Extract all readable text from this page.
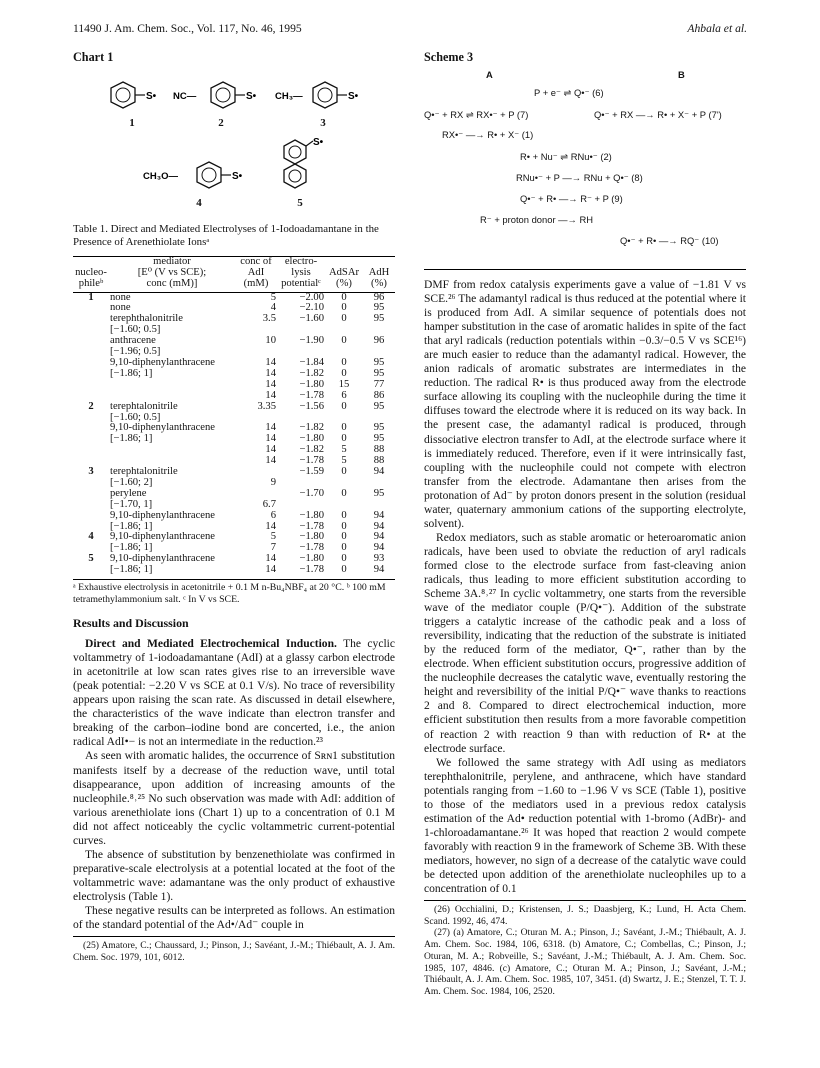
11490 J. Am. Chem. Soc., Vol. 117, No. 46, 1995	Ahbala et al.
Chart 1
S•
1
NC—	S•
2
CH₃—	S•
3
CH₃O—	S•
4
S•
5
Table 1. Direct and Mediated Electrolyses of 1-Iodoadamantane in the Presence of Arenethiolate Ionsᵃ
	mediator	conc of	electro-		
nucleo-	[E⁰ (V vs SCE);	AdI	lysis	AdSAr	AdH
phileᵇ	conc (mM)]	(mM)	potentialᶜ	(%)	(%)
1	none	5	−2.00	0	96
	none	4	−2.10	0	95
	terephthalonitrile	3.5	−1.60	0	95
	[−1.60; 0.5]				
	anthracene	10	−1.90	0	96
	[−1.96; 0.5]				
	9,10-diphenylanthracene	14	−1.84	0	95
	[−1.86; 1]	14	−1.82	0	95
		14	−1.80	15	77
		14	−1.78	6	86
2	terephtalonitrile	3.35	−1.56	0	95
	[−1.60; 0.5]				
	9,10-diphenylanthracene	14	−1.82	0	95
	[−1.86; 1]	14	−1.80	0	95
		14	−1.82	5	88
		14	−1.78	5	88
3	terephtalonitrile		−1.59	0	94
	[−1.60; 2]	9			
	perylene		−1.70	0	95
	[−1.70, 1]	6.7			
	9,10-diphenylanthracene	6	−1.80	0	94
	[−1.86; 1]	14	−1.78	0	94
4	9,10-diphenylanthracene	5	−1.80	0	94
	[−1.86; 1]	7	−1.78	0	94
5	9,10-diphenylanthracene	14	−1.80	0	93
	[−1.86; 1]	14	−1.78	0	94
ᵃ Exhaustive electrolysis in acetonitrile + 0.1 M n-Bu₄NBF₄ at 20 °C. ᵇ 100 mM tetramethylammonium salt. ᶜ In V vs SCE.
Results and Discussion

Direct and Mediated Electrochemical Induction. The cyclic voltammetry of 1-iodoadamantane (AdI) at a glassy carbon electrode in acetonitrile at low scan rates gives rise to an irreversible wave (peak potential: −2.20 V vs SCE at 0.1 V/s). No trace of reversibility appears upon raising the scan rate. As discussed in detail elsewhere, the characteristics of the wave indicate than electron transfer and breaking of the carbon–iodine bond are concerted, i.e., the anion radical AdI•− is not an intermediate in the reduction.²³

As seen with aromatic halides, the occurrence of Sʀɴ1 substitution manifests itself by a decrease of the reduction wave, until total disappearance, upon addition of increasing amounts of the nucleophile.⁸˒²⁵ No such observation was made with AdI: addition of various arenethiolate ions (Chart 1) up to a concentration of 0.1 M did not affect noticeably the cyclic voltammetric current-potential curves.

The absence of substitution by benzenethiolate was confirmed in preparative-scale electrolysis at a potential located at the foot of the voltammetric wave: adamantane was the only product of exhaustive electrolysis (Table 1).

These negative results can be interpreted as follows. An estimation of the standard potential of the Ad•/Ad⁻ couple in

(25) Amatore, C.; Chaussard, J.; Pinson, J.; Savéant, J.-M.; Thiébault, A. J. Am. Chem. Soc. 1979, 101, 6012.

Scheme 3
A	B
P + e⁻ ⇌ Q•⁻ (6)
Q•⁻ + RX ⇌ RX•⁻ + P (7)	Q•⁻ + RX —→ R• + X⁻ + P (7')
RX•⁻ —→ R• + X⁻ (1)
R• + Nu⁻ ⇌ RNu•⁻ (2)
RNu•⁻ + P —→ RNu + Q•⁻ (8)
Q•⁻ + R• —→ R⁻ + P (9)
R⁻ + proton donor —→ RH
Q•⁻ + R• —→ RQ⁻ (10)

DMF from redox catalysis experiments gave a value of −1.81 V vs SCE.²⁶ The adamantyl radical is thus reduced at the potential where it is produced from AdI. A similar sequence of potentials does not hamper substitution in the case of aromatic halides in spite of the fact that aryl radicals (reduction potentials within −0.3/−0.5 V vs SCE¹⁶) are much easier to reduce than the adamantyl radical. However, the anion radicals of aromatic substrates are intermediates in the reduction. The radical R• is thus produced away from the electrode surface allowing its coupling with the nucleophile during the time it diffuses toward the electrode where it is reduced on its way back. In the present case, the adamantyl radical is produced, through dissociative electron transfer to AdI, at the electrode surface where it is immediately reduced. Therefore, even if it were intrinsically fast, coupling with the nucleophile could not compete with electron transfer from the electrode. Adamantane then arises from the protonation of Ad⁻ by proton donors present in the solution (residual water, quaternary ammonium cations of the supporting electrolyte, solvent).

Redox mediators, such as stable aromatic or heteroaromatic anion radicals, have been used to obviate the reduction of aryl radicals formed close to the electrode surface from fast-cleaving anion radicals, thus leading to more efficient substitution according to Scheme 3A.⁸˒²⁷ In cyclic voltammetry, one starts from the reversible wave of the mediator couple (P/Q•⁻). Addition of the substrate triggers a catalytic increase of the cathodic peak and a loss of reversibility, indicating that the reduction of the substrate is initiated by the reduced form of the mediator, Q•⁻, rather than by the electrode. When efficient substitution occurs, progressive addition of the nucleophile decreases the catalytic wave, eventually restoring the height and reversibility of the initial P/Q•⁻ wave thanks to reactions 2 and 8. Compared to direct electrochemical induction, more efficient substitution then results from a more favorable competition of reaction 2 with reaction 9 than with reduction of R• at the electrode surface.

We followed the same strategy with AdI using as mediators terephthalonitrile, perylene, and anthracene, which have standard potentials ranging from −1.60 to −1.96 V vs SCE (Table 1), positive to those of the mediators used in a previous redox catalysis estimation of the Ad• reduction potential with 1-bromo (AdBr)- and 1-chloroadamantane.²⁶ It was hoped that reaction 2 would compete favorably with reaction 9 in the framework of Scheme 3B. With these mediators, however, no sign of a decrease of the catalytic wave could be detected upon addition of the arenethiolate nucleophiles up to a concentration of 0.1

(26) Occhialini, D.; Kristensen, J. S.; Daasbjerg, K.; Lund, H. Acta Chem. Scand. 1992, 46, 474.

(27) (a) Amatore, C.; Oturan M. A.; Pinson, J.; Savéant, J.-M.; Thiébault, A. J. Am. Chem. Soc. 1984, 106, 6318. (b) Amatore, C.; Combellas, C.; Pinson, J.; Oturan, M. A.; Robveille, S.; Savéant, J.-M.; Thiébault, A. J. Am. Chem. Soc. 1985, 107, 4846. (c) Amatore, C.; Oturan M. A.; Pinson, J.; Savéant, J.-M.; Thiébault, A. J. Am. Chem. Soc. 1985, 107, 3451. (d) Swartz, J. E.; Stenzel, T. T. J. Am. Chem. Soc. 1984, 106, 2520.
